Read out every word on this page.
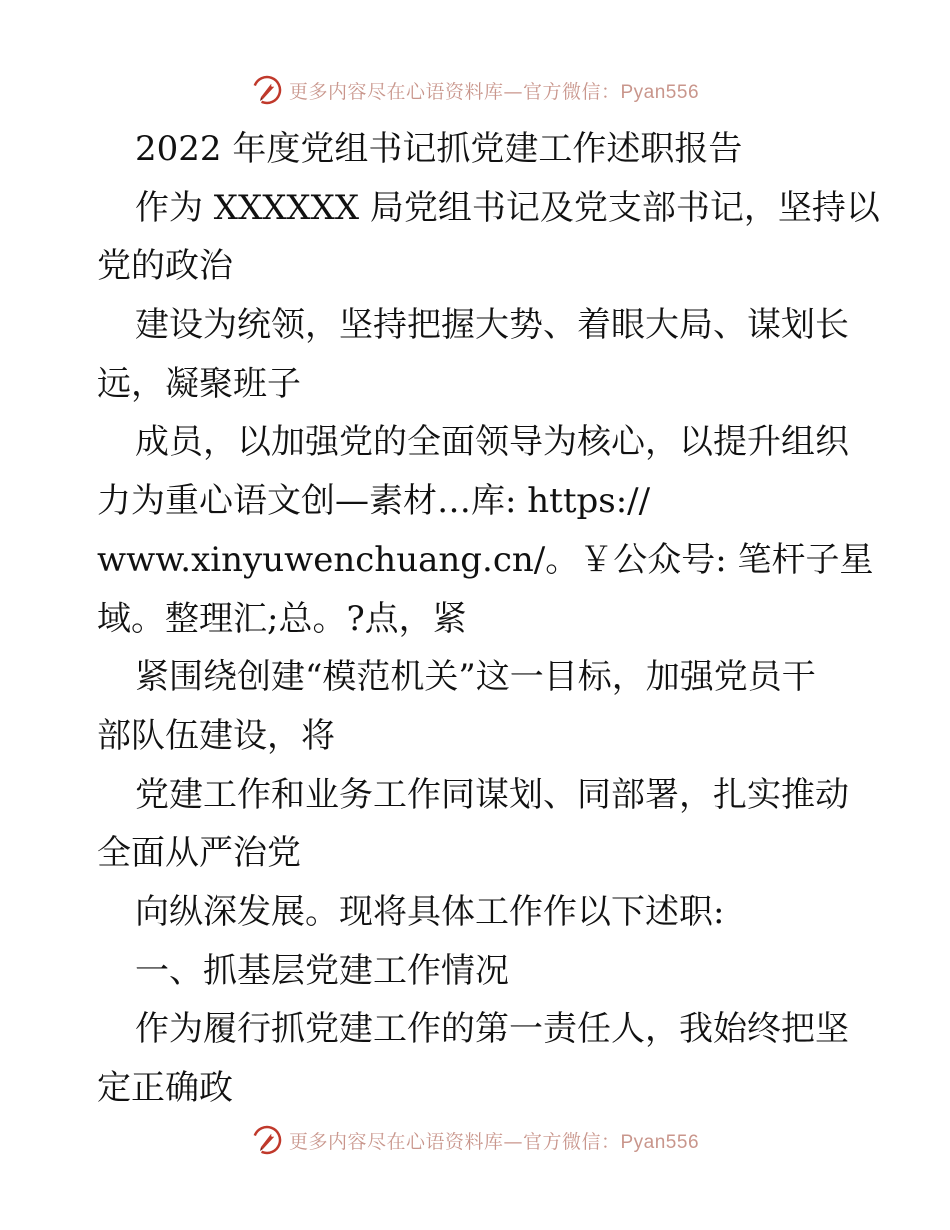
更多内容尽在心语资料库—官方微信：Pyan556
2022 年度党组书记抓党建工作述职报告
作为 XXXXXX 局党组书记及党支部书记，坚持以
党的政治
建设为统领，坚持把握大势、着眼大局、谋划长
远，凝聚班子
成员，以加强党的全面领导为核心，以提升组织
力为重心语文创—素材…库: https://
www.xinyuwenchuang.cn/。￥公众号: 笔杆子星
域。整理汇;总。?点，紧
紧围绕创建“模范机关”这一目标，加强党员干
部队伍建设，将
党建工作和业务工作同谋划、同部署，扎实推动
全面从严治党
向纵深发展。现将具体工作作以下述职:
一、抓基层党建工作情况
作为履行抓党建工作的第一责任人，我始终把坚
定正确政
更多内容尽在心语资料库—官方微信：Pyan556
